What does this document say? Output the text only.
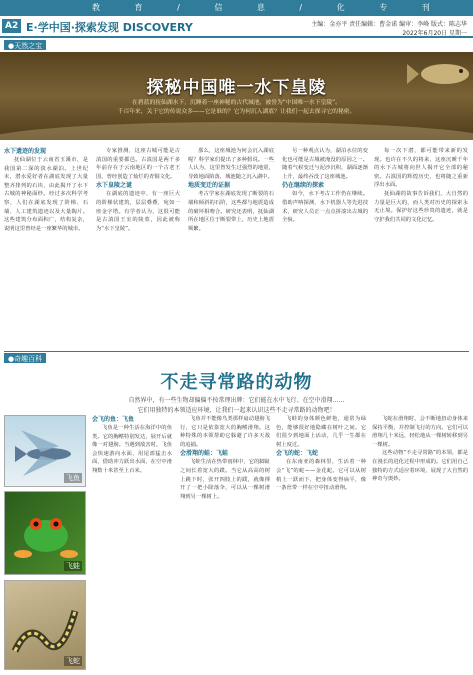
教 育 / 信 息 / 化 专 刊
A2 E·学中国·探索发现 DISCOVERY	主编：金亦平 责任编辑：曹金诺 编审：李峰 版式：陈志华
2022年6月20日 星期一
●天然之宝
探秘中国唯一水下皇陵
在碧蓝的抚仙湖水下，沉睡着一座神秘的古代城池，被誉为“中国唯一水下皇陵”。
千百年来，关于它的传说众多——它是谁的？它为何沉入湖底？让我们一起去探寻它的秘密。
水下遗迹的发现

抚仙湖位于云南省玉溪市，是我国第二深的淡水湖泊。上世纪末，潜水爱好者在湖底发现了大量整齐排列的石块，由此揭开了水下古城的神秘面纱。经过多次科学考察，人们在湖底发现了阶梯、石墙、人工建筑遗迹以及大量陶片。这些建筑分布面积广，结构复杂，说明这里曾经是一座繁华的城市。

专家推测，这座古城可能是古滇国的重要都邑。古滇国是两千多年前存在于云南地区的一个古老王国，曾经创造了灿烂的青铜文化。

水下皇陵之谜

在湖底的遗迹中，有一座巨大的阶梯状建筑，层层叠叠，宛如一座金字塔。有学者认为，这很可能是古滇国王室的陵墓，因此被称为“水下皇陵”。

那么，这座城池为何会沉入湖底呢？科学家们提出了多种假说。一些人认为，这里曾发生过强烈的地震，导致地面陷落，城池随之沉入湖中。

地质变迁的证据

考古学家在湖底发现了断裂的石墙和倾斜的石阶，这些都与地震造成的破坏相吻合。研究还表明，抚仙湖所在地区位于断裂带上，历史上地震频繁。

另一种观点认为，湖泊水位的变化也可能是古城被淹没的原因之一。随着气候变迁与泥沙沉积，湖面逐渐上升，最终吞没了这座城池。

仍在继续的探索

如今，水下考古工作仍在继续。借助声呐探测、水下机器人等先进技术，研究人员正一点点拼凑出古城的全貌。

每一次下潜，都可能带来新的发现。也许在不久的将来，这座沉睡千年的水下古城将向世人揭开它全部的秘密。古滇国的辉煌历史，也将随之重新浮出水面。

抚仙湖的故事告诉我们，大自然的力量是巨大的，而人类对历史的探索永无止境。保护好这些珍贵的遗迹，就是守护我们共同的文化记忆。

●奇趣百科
不走寻常路的动物
自然界中，有一些生物却偏偏不按常理出牌：它们能在水中飞行、在空中滑翔……
它们用独特的本领适应环境，让我们一起来认识这些不走寻常路的动物吧！
飞鱼
飞蛙
飞蛇
会飞的鱼：飞鱼

飞鱼是一种生活在海洋中的鱼类。它的胸鳍特别发达，展开后就像一对翅膀。当遇到敌害时，飞鱼会快速游向水面，用尾部猛击水面，借助冲力跃出水面，在空中滑翔数十米甚至上百米。

飞鱼并不能像鸟类那样扇动翅膀飞行，它只是依靠宽大的胸鳍滑翔。这种特殊的本领帮助它躲避了许多天敌的追捕。

会滑翔的蛙：飞蛙

飞蛙生活在热带雨林中，它的脚趾之间长着宽大的蹼。当它从高高的树上跳下时，张开四肢上的蹼，就像撑开了一把小降落伞，可以从一棵树滑翔到另一棵树上。

飞蛙的身体颜色鲜艳，通常为绿色，能够很好地隐藏在树叶之间。它们很少到地面上活动，几乎一生都在树上度过。

会飞的蛇：飞蛇

在东南亚的森林里，生活着一种会“飞”的蛇——金花蛇。它可以从树梢上一跃而下，把身体变得扁平，像一条丝带一样在空中扭动滑翔。

飞蛇在滑翔时，会不断地扭动身体来保持平衡，并控制飞行的方向。它们可以滑翔几十米远，轻松地从一棵树转移到另一棵树。

这些动物“不走寻常路”的本领，都是在漫长的进化过程中形成的。它们用自己独特的方式适应着环境，展现了大自然的神奇与奥妙。
